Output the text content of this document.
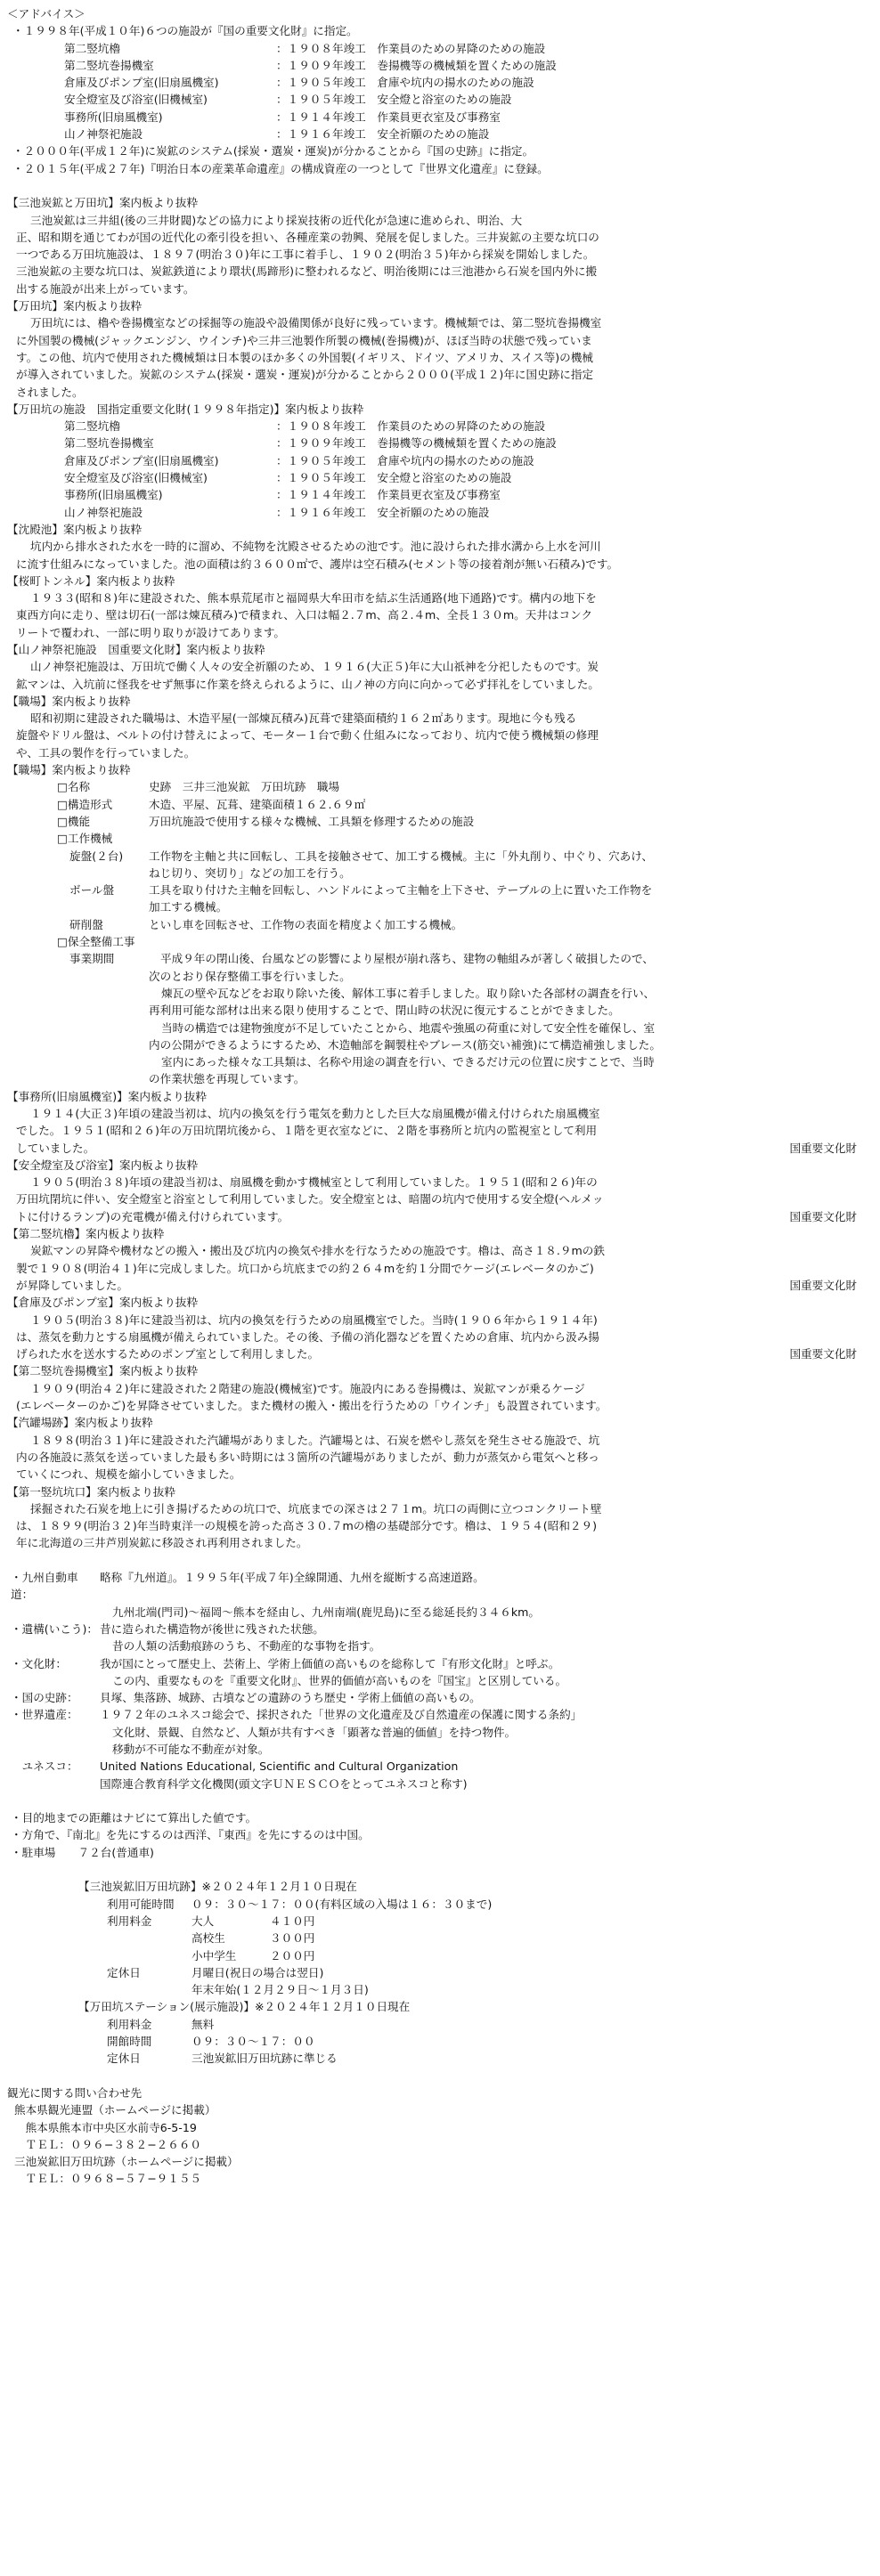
＜アドバイス＞
・１９９８年(平成１０年)６つの施設が『国の重要文化財』に指定。
第二竪坑櫓	：１９０８年竣工　作業員のための昇降のための施設
第二竪坑巻揚機室	：１９０９年竣工　巻揚機等の機械類を置くための施設
倉庫及びポンプ室(旧扇風機室)	：１９０５年竣工　倉庫や坑内の揚水のための施設
安全燈室及び浴室(旧機械室)	：１９０５年竣工　安全燈と浴室のための施設
事務所(旧扇風機室)	：１９１４年竣工　作業員更衣室及び事務室
山ノ神祭祀施設	：１９１６年竣工　安全祈願のための施設
・２０００年(平成１２年)に炭鉱のシステム(採炭・選炭・運炭)が分かることから『国の史跡』に指定。
・２０１５年(平成２７年)『明治日本の産業革命遺産』の構成資産の一つとして『世界文化遺産』に登録。
【三池炭鉱と万田坑】案内板より抜粋
三池炭鉱は三井組(後の三井財閥)などの協力により採炭技術の近代化が急速に進められ、明治、大
正、昭和期を通じてわが国の近代化の牽引役を担い、各種産業の勃興、発展を促しました。三井炭鉱の主要な坑口の
一つである万田坑施設は、１８９７(明治３０)年に工事に着手し、１９０２(明治３５)年から採炭を開始しました。
三池炭鉱の主要な坑口は、炭鉱鉄道により環状(馬蹄形)に整われるなど、明治後期には三池港から石炭を国内外に搬
出する施設が出来上がっています。
【万田坑】案内板より抜粋
万田坑には、櫓や巻揚機室などの採掘等の施設や設備関係が良好に残っています。機械類では、第二竪坑巻揚機室
に外国製の機械(ジャックエンジン、ウインチ)や三井三池製作所製の機械(巻揚機)が、ほぼ当時の状態で残っていま
す。この他、坑内で使用された機械類は日本製のほか多くの外国製(イギリス、ドイツ、アメリカ、スイス等)の機械
が導入されていました。炭鉱のシステム(採炭・選炭・運炭)が分かることから２０００(平成１２)年に国史跡に指定
されました。
【万田坑の施設　国指定重要文化財(１９９８年指定)】案内板より抜粋
第二竪坑櫓	：１９０８年竣工　作業員のための昇降のための施設
第二竪坑巻揚機室	：１９０９年竣工　巻揚機等の機械類を置くための施設
倉庫及びポンプ室(旧扇風機室)	：１９０５年竣工　倉庫や坑内の揚水のための施設
安全燈室及び浴室(旧機械室)	：１９０５年竣工　安全燈と浴室のための施設
事務所(旧扇風機室)	：１９１４年竣工　作業員更衣室及び事務室
山ノ神祭祀施設	：１９１６年竣工　安全祈願のための施設
【沈殿池】案内板より抜粋
坑内から排水された水を一時的に溜め、不純物を沈殿させるための池です。池に設けられた排水溝から上水を河川
に流す仕組みになっていました。池の面積は約３６００㎡で、護岸は空石積み(セメント等の接着剤が無い石積み)です。
【桜町トンネル】案内板より抜粋
１９３３(昭和８)年に建設された、熊本県荒尾市と福岡県大牟田市を結ぶ生活通路(地下通路)です。構内の地下を
東西方向に走り、壁は切石(一部は煉瓦積み)で積まれ、入口は幅２.７m、高２.４m、全長１３０m。天井はコンク
リートで覆われ、一部に明り取りが設けてあります。
【山ノ神祭祀施設　国重要文化財】案内板より抜粋
山ノ神祭祀施設は、万田坑で働く人々の安全祈願のため、１９１６(大正５)年に大山祇神を分祀したものです。炭
鉱マンは、入坑前に怪我をせず無事に作業を終えられるように、山ノ神の方向に向かって必ず拝礼をしていました。
【職場】案内板より抜粋
昭和初期に建設された職場は、木造平屋(一部煉瓦積み)瓦葺で建築面積約１６２㎡あります。現地に今も残る
旋盤やドリル盤は、ベルトの付け替えによって、モーター１台で動く仕組みになっており、坑内で使う機械類の修理
や、工具の製作を行っていました。
【職場】案内板より抜粋
□名称	史跡　三井三池炭鉱　万田坑跡　職場
□構造形式	木造、平屋、瓦葺、建築面積１６２.６９㎡
□機能	万田坑施設で使用する様々な機械、工具類を修理するための施設
□工作機械
旋盤(２台)	工作物を主軸と共に回転し、工具を接触させて、加工する機械。主に「外丸削り、中ぐり、穴あけ、
ねじ切り、突切り」などの加工を行う。
ボール盤	工具を取り付けた主軸を回転し、ハンドルによって主軸を上下させ、テーブルの上に置いた工作物を
加工する機械。
研削盤	といし車を回転させ、工作物の表面を精度よく加工する機械。
□保全整備工事
事業期間	平成９年の閉山後、台風などの影響により屋根が崩れ落ち、建物の軸組みが著しく破損したので、
次のとおり保存整備工事を行いました。
煉瓦の壁や瓦などをお取り除いた後、解体工事に着手しました。取り除いた各部材の調査を行い、
再利用可能な部材は出来る限り使用することで、閉山時の状況に復元することができました。
当時の構造では建物強度が不足していたことから、地震や強風の荷重に対して安全性を確保し、室
内の公開ができるようにするため、木造軸部を鋼製柱やブレース(筋交い補強)にて構造補強しました。
室内にあった様々な工具類は、名称や用途の調査を行い、できるだけ元の位置に戻すことで、当時
の作業状態を再現しています。
【事務所(旧扇風機室)】案内板より抜粋
１９１４(大正３)年頃の建設当初は、坑内の換気を行う電気を動力とした巨大な扇風機が備え付けられた扇風機室
でした。１９５１(昭和２６)年の万田坑閉坑後から、１階を更衣室などに、２階を事務所と坑内の監視室として利用
していました。	国重要文化財
【安全燈室及び浴室】案内板より抜粋
１９０５(明治３８)年頃の建設当初は、扇風機を動かす機械室として利用していました。１９５１(昭和２６)年の
万田坑閉坑に伴い、安全燈室と浴室として利用していました。安全燈室とは、暗闇の坑内で使用する安全燈(ヘルメッ
トに付けるランプ)の充電機が備え付けられています。	国重要文化財
【第二竪坑櫓】案内板より抜粋
炭鉱マンの昇降や機材などの搬入・搬出及び坑内の換気や排水を行なうための施設です。櫓は、高さ１８.９mの鉄
製で１９０８(明治４１)年に完成しました。坑口から坑底までの約２６４mを約１分間でケージ(エレベータのかご)
が昇降していました。	国重要文化財
【倉庫及びポンプ室】案内板より抜粋
１９０５(明治３８)年に建設当初は、坑内の換気を行うための扇風機室でした。当時(１９０６年から１９１４年)
は、蒸気を動力とする扇風機が備えられていました。その後、予備の消化器などを置くための倉庫、坑内から汲み揚
げられた水を送水するためのポンプ室として利用しました。	国重要文化財
【第二竪坑巻揚機室】案内板より抜粋
１９０９(明治４２)年に建設された２階建の施設(機械室)です。施設内にある巻揚機は、炭鉱マンが乗るケージ
(エレベーターのかご)を昇降させていました。また機材の搬入・搬出を行うための「ウインチ」も設置されています。
【汽罐場跡】案内板より抜粋
１８９８(明治３１)年に建設された汽罐場がありました。汽罐場とは、石炭を燃やし蒸気を発生させる施設で、坑
内の各施設に蒸気を送っていました最も多い時期には３箇所の汽罐場がありましたが、動力が蒸気から電気へと移っ
ていくにつれ、規模を縮小していきました。
【第一竪坑坑口】案内板より抜粋
採掘された石炭を地上に引き揚げるための坑口で、坑底までの深さは２７１m。坑口の両側に立つコンクリート壁
は、１８９９(明治３２)年当時東洋一の規模を誇った高さ３０.７mの櫓の基礎部分です。櫓は、１９５４(昭和２９)
年に北海道の三井芦別炭鉱に移設され再利用されました。
・九州自動車道：
略称『九州道』。１９９５年(平成７年)全線開通、九州を縦断する高速道路。
九州北端(門司)〜福岡〜熊本を経由し、九州南端(鹿児島)に至る総延長約３４６km。
・遺構(いこう)： 昔に造られた構造物が後世に残された状態。
昔の人類の活動痕跡のうち、不動産的な事物を指す。
・文化財：	我が国にとって歴史上、芸術上、学術上価値の高いものを総称して『有形文化財』と呼ぶ。
この内、重要なものを『重要文化財』、世界的価値が高いものを『国宝』と区別している。
・国の史跡：	貝塚、集落跡、城跡、古墳などの遺跡のうち歴史・学術上価値の高いもの。
・世界遺産：	１９７２年のユネスコ総会で、採択された「世界の文化遺産及び自然遺産の保護に関する条約」
文化財、景観、自然など、人類が共有すべき「顕著な普遍的価値」を持つ物件。
移動が不可能な不動産が対象。
　ユネスコ：	United Nations Educational, Scientific and Cultural Organization
国際連合教育科学文化機関(頭文字ＵＮＥＳＣＯをとってユネスコと称す)
・目的地までの距離はナビにて算出した値です。
・方角で、『南北』を先にするのは西洋、『東西』を先にするのは中国。
・駐車場　　７２台(普通車)
【三池炭鉱旧万田坑跡】※２０２４年１２月１０日現在
利用可能時間	０９：３０〜１７：００(有料区域の入場は１６：３０まで)
利用料金	大人	４１０円
高校生	３００円
小中学生	２００円
定休日	月曜日(祝日の場合は翌日)
年末年始(１２月２９日〜１月３日)
【万田坑ステーション(展示施設)】※２０２４年１２月１０日現在
利用料金	無料
開館時間	０９：３０〜１７：００
定休日	三池炭鉱旧万田坑跡に準じる
観光に関する問い合わせ先
熊本県観光連盟（ホームページに掲載）
　熊本県熊本市中央区水前寺6-5-19
　ＴＥＬ：０９６−３８２−２６６０
三池炭鉱旧万田坑跡（ホームページに掲載）
　ＴＥＬ：０９６８−５７−９１５５
